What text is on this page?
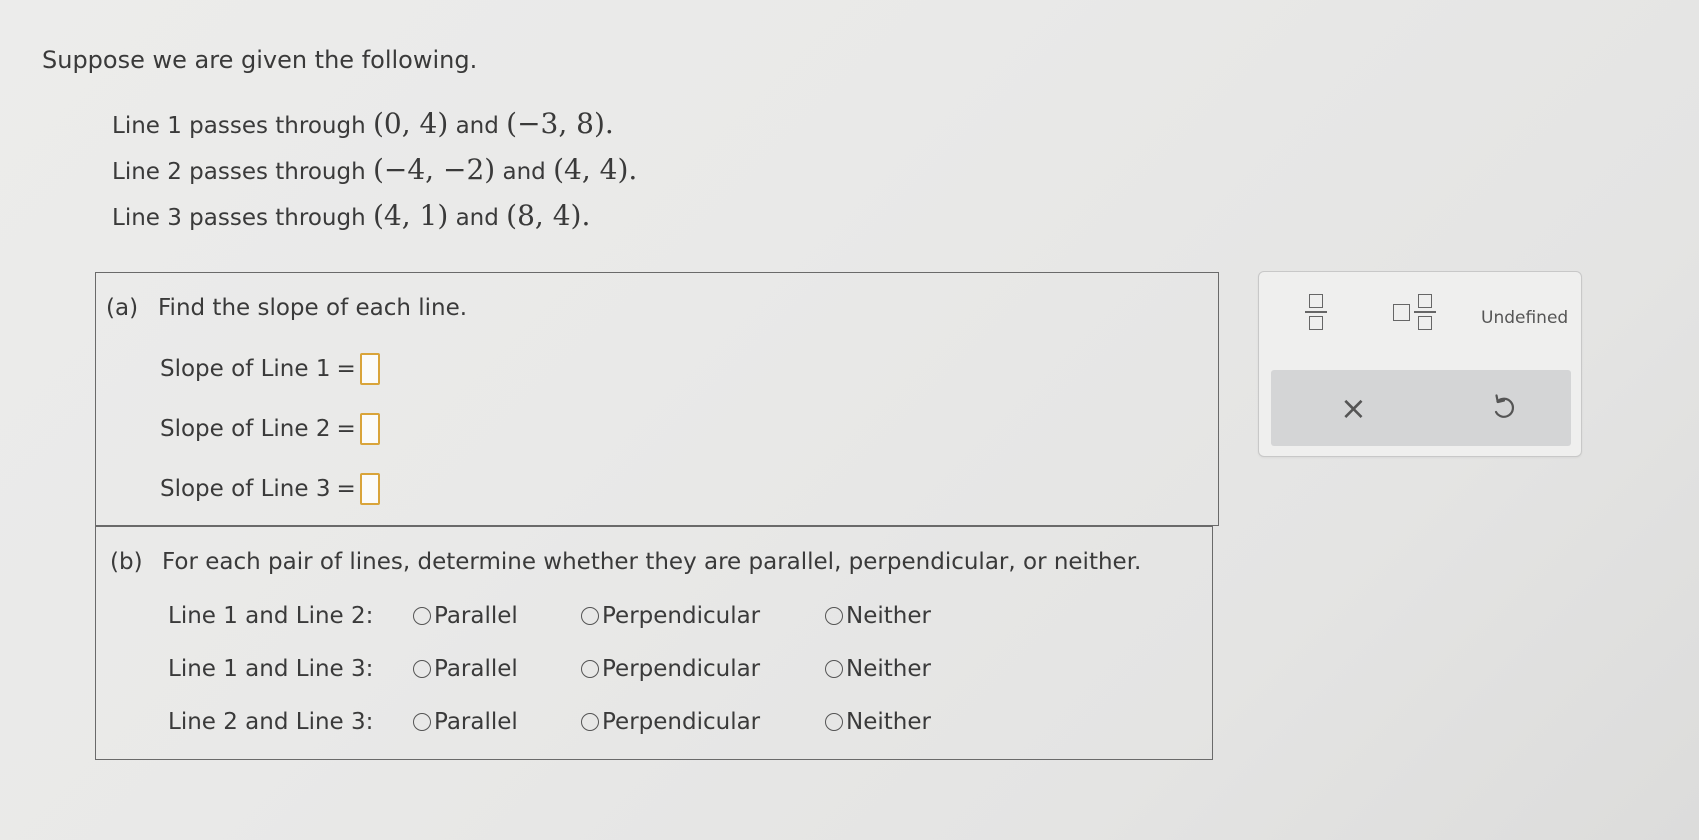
Suppose we are given the following.
Line 1 passes through (0, 4) and (−3, 8).
Line 2 passes through (−4, −2) and (4, 4).
Line 3 passes through (4, 1) and (8, 4).
(a) Find the slope of each line.
Slope of Line 1 =
Slope of Line 2 =
Slope of Line 3 =
(b) For each pair of lines, determine whether they are parallel, perpendicular, or neither.
Line 1 and Line 2:	Parallel	Perpendicular	Neither
Line 1 and Line 3:	Parallel	Perpendicular	Neither
Line 2 and Line 3:	Parallel	Perpendicular	Neither
Undefined
×
